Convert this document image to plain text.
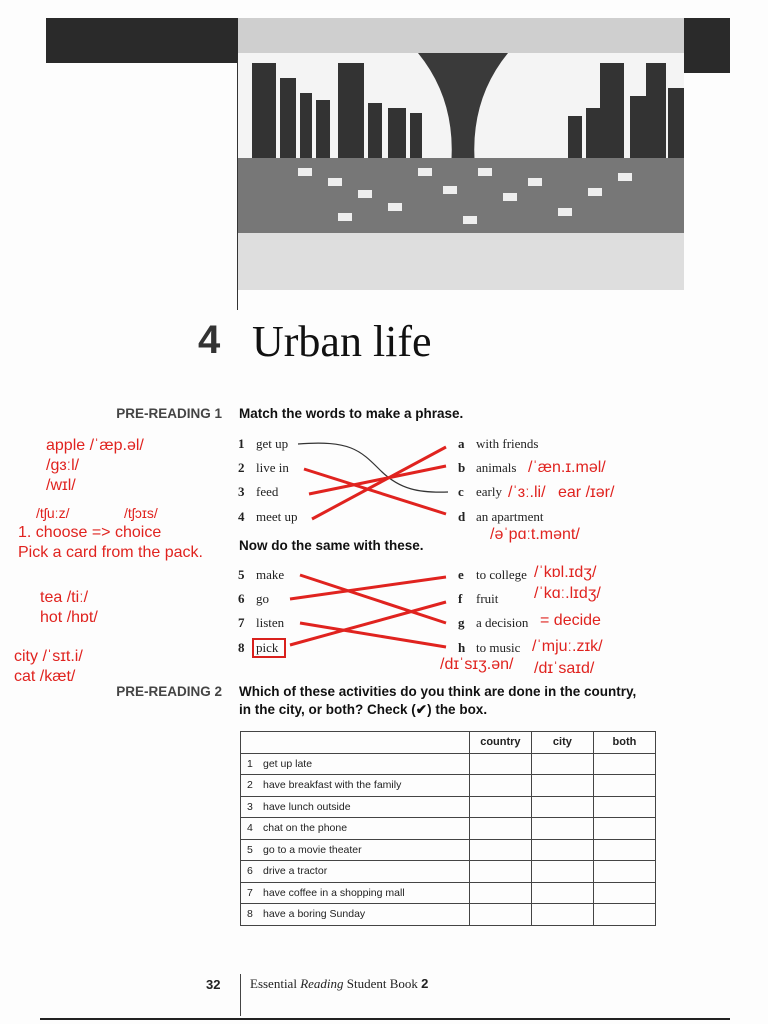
4 Urban life
PRE-READING 1 Match the words to make a phrase.
1 get up
2 live in
3 feed
4 meet up
a with friends
b animals
c early
d an apartment
Now do the same with these.
5 make
6 go
7 listen
8 pick
e to college
f fruit
g a decision
h to music
apple /ˈæp.əl/
/ɡɜːl/
/wɪl/
/tʃuːz/	/tʃɔɪs/
1. choose => choice
Pick a card from the pack.
tea /tiː/
hot /hɒt/
city /ˈsɪt.i/
cat /kæt/
/ˈæn.ɪ.məl/
/ˈɜː.li/ ear /ɪər/
/əˈpɑːt.mənt/
/ˈkɒl.ɪdʒ/
/ˈkɑː.lɪdʒ/
= decide
/ˈmjuː.zɪk/
/dɪˈsɪʒ.ən/ /dɪˈsaɪd/
PRE-READING 2 Which of these activities do you think are done in the country,
in the city, or both? Check (✔) the box.
	country	city	both
1 get up late			
2 have breakfast with the family			
3 have lunch outside			
4 chat on the phone			
5 go to a movie theater			
6 drive a tractor			
7 have coffee in a shopping mall			
8 have a boring Sunday			
32 Essential Reading Student Book 2
